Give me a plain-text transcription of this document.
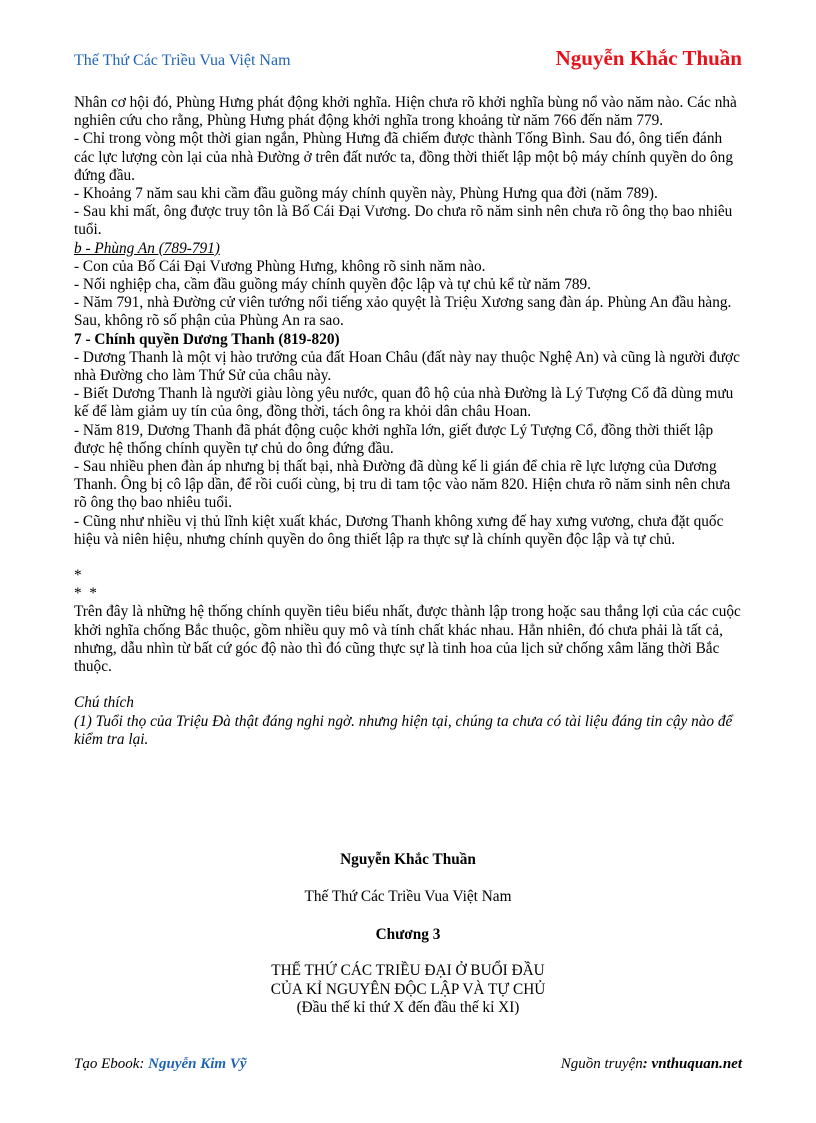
Thế Thứ Các Triều Vua Việt Nam	Nguyễn Khắc Thuần

Nhân cơ hội đó, Phùng Hưng phát động khởi nghĩa. Hiện chưa rõ khởi nghĩa bùng nổ vào năm nào. Các nhà nghiên cứu cho rằng, Phùng Hưng phát động khởi nghĩa trong khoảng từ năm 766 đến năm 779.

- Chỉ trong vòng một thời gian ngắn, Phùng Hưng đã chiếm được thành Tống Bình. Sau đó, ông tiến đánh các lực lượng còn lại của nhà Đường ở trên đất nước ta, đồng thời thiết lập một bộ máy chính quyền do ông đứng đầu.

- Khoảng 7 năm sau khi cầm đầu guồng máy chính quyền này, Phùng Hưng qua đời (năm 789).

- Sau khi mất, ông được truy tôn là Bố Cái Đại Vương. Do chưa rõ năm sinh nên chưa rõ ông thọ bao nhiêu tuổi.

b - Phùng An (789-791)

- Con của Bố Cái Đại Vương Phùng Hưng, không rõ sinh năm nào.

- Nối nghiệp cha, cầm đầu guồng máy chính quyền độc lập và tự chủ kể từ năm 789.

- Năm 791, nhà Đường cử viên tướng nổi tiếng xảo quyệt là Triệu Xương sang đàn áp. Phùng An đầu hàng. Sau, không rõ số phận của Phùng An ra sao.

7 - Chính quyền Dương Thanh (819-820)

- Dương Thanh là một vị hào trưởng của đất Hoan Châu (đất này nay thuộc Nghệ An) và cũng là người được nhà Đường cho làm Thứ Sử của châu này.

- Biết Dương Thanh là người giàu lòng yêu nước, quan đô hộ của nhà Đường là Lý Tượng Cổ đã dùng mưu kế để làm giảm uy tín của ông, đồng thời, tách ông ra khỏi dân châu Hoan.

- Năm 819, Dương Thanh đã phát động cuộc khởi nghĩa lớn, giết được Lý Tượng Cổ, đồng thời thiết lập được hệ thống chính quyền tự chủ do ông đứng đầu.

- Sau nhiều phen đàn áp nhưng bị thất bại, nhà Đường đã dùng kế li gián để chia rẽ lực lượng của Dương Thanh. Ông bị cô lập dần, để rồi cuối cùng, bị tru di tam tộc vào năm 820. Hiện chưa rõ năm sinh nên chưa rõ ông thọ bao nhiêu tuổi.

- Cũng như nhiều vị thủ lĩnh kiệt xuất khác, Dương Thanh không xưng đế hay xưng vương, chưa đặt quốc hiệu và niên hiệu, nhưng chính quyền do ông thiết lập ra thực sự là chính quyền độc lập và tự chủ.

*

*  *

Trên đây là những hệ thống chính quyền tiêu biểu nhất, được thành lập trong hoặc sau thắng lợi của các cuộc khởi nghĩa chống Bắc thuộc, gồm nhiều quy mô và tính chất khác nhau. Hẳn nhiên, đó chưa phải là tất cả, nhưng, dẫu nhìn từ bất cứ góc độ nào thì đó cũng thực sự là tinh hoa của lịch sử chống xâm lăng thời Bắc thuộc.

Chú thích

(1) Tuổi thọ của Triệu Đà thật đáng nghi ngờ. nhưng hiện tại, chúng ta chưa có tài liệu đáng tin cậy nào để kiểm tra lại.

Nguyễn Khắc Thuần
Thế Thứ Các Triều Vua Việt Nam
Chương 3
THẾ THỨ CÁC TRIỀU ĐẠI Ở BUỔI ĐẦU
CỦA KỈ NGUYÊN ĐỘC LẬP VÀ TỰ CHỦ
(Đầu thế kỉ thứ X đến đầu thế kỉ XI)
Tạo Ebook: Nguyễn Kim Vỹ	Nguồn truyện: vnthuquan.net
